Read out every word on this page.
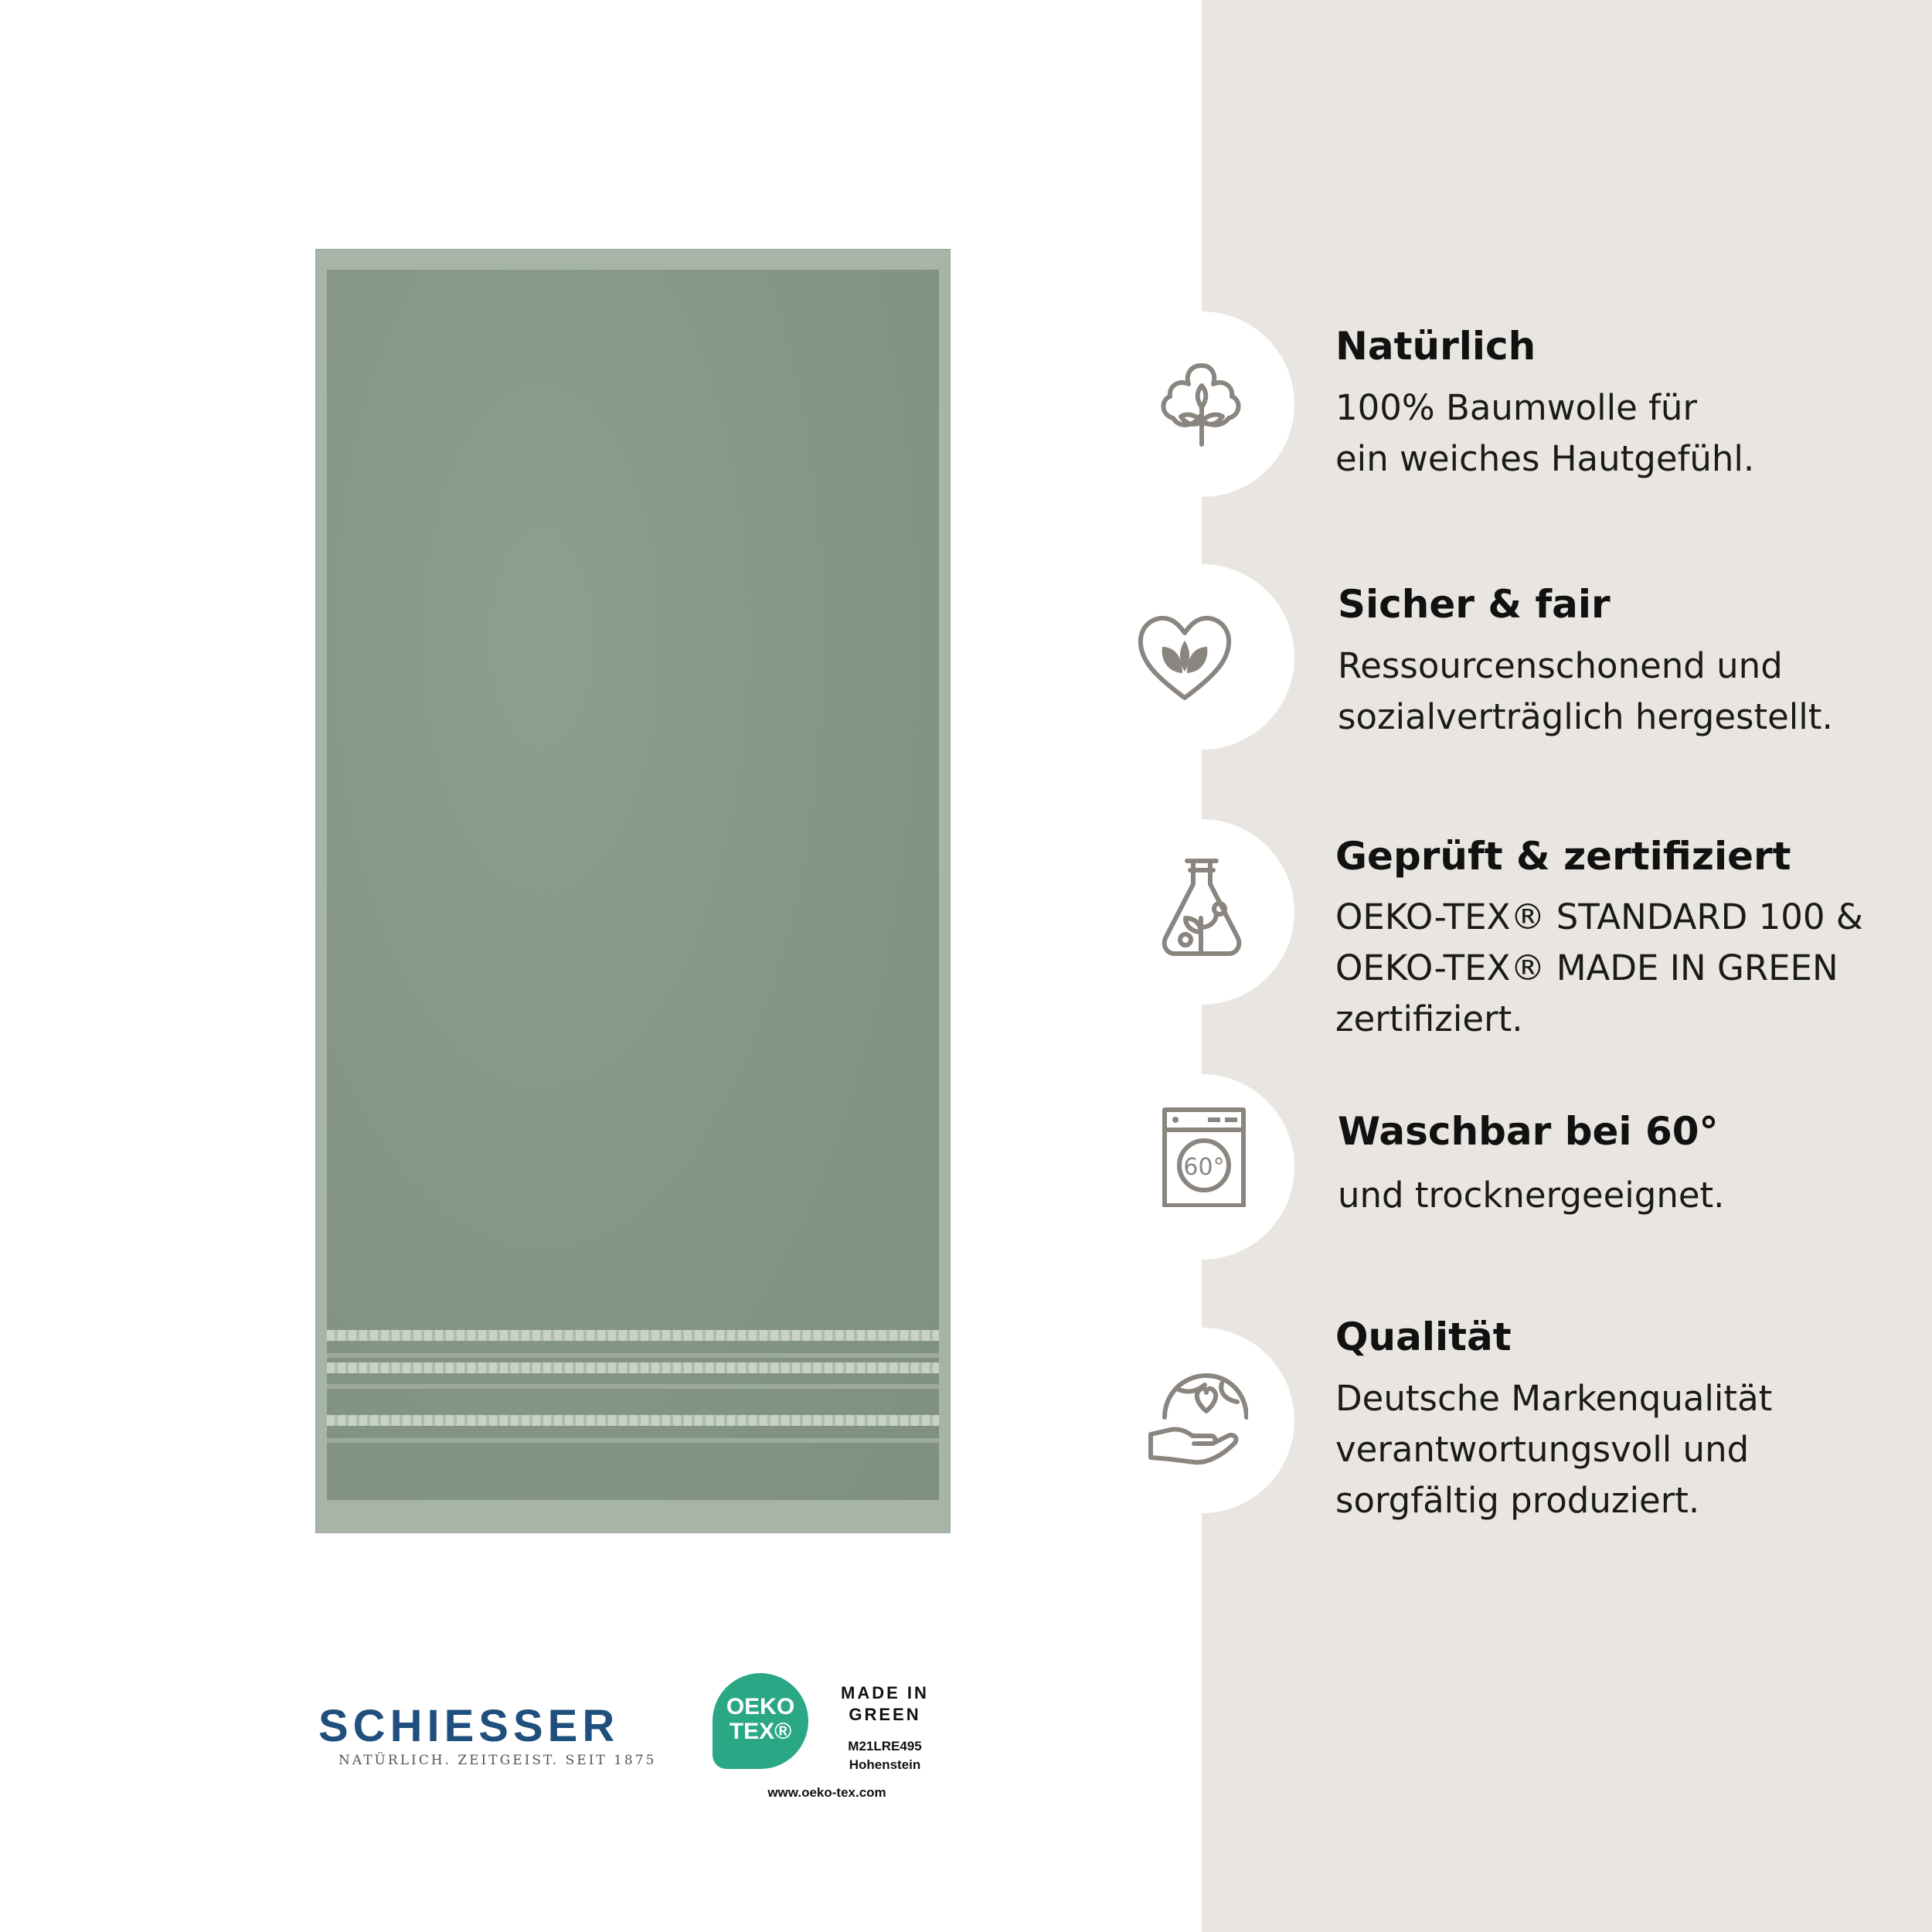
Natürlich
100% Baumwolle für
ein weiches Hautgefühl.
Sicher & fair
Ressourcenschonend und
sozialverträglich hergestellt.
Geprüft & zertifiziert
OEKO-TEX® STANDARD 100 &
OEKO-TEX® MADE IN GREEN
zertifiziert.
60°
Waschbar bei 60°
und trocknergeeignet.
Qualität
Deutsche Markenqualität
verantwortungsvoll und
sorgfältig produziert.
SCHIESSER
NATÜRLICH. ZEITGEIST. SEIT 1875
OEKO
TEX®
MADE IN
GREEN
M21LRE495
Hohenstein
www.oeko-tex.com
